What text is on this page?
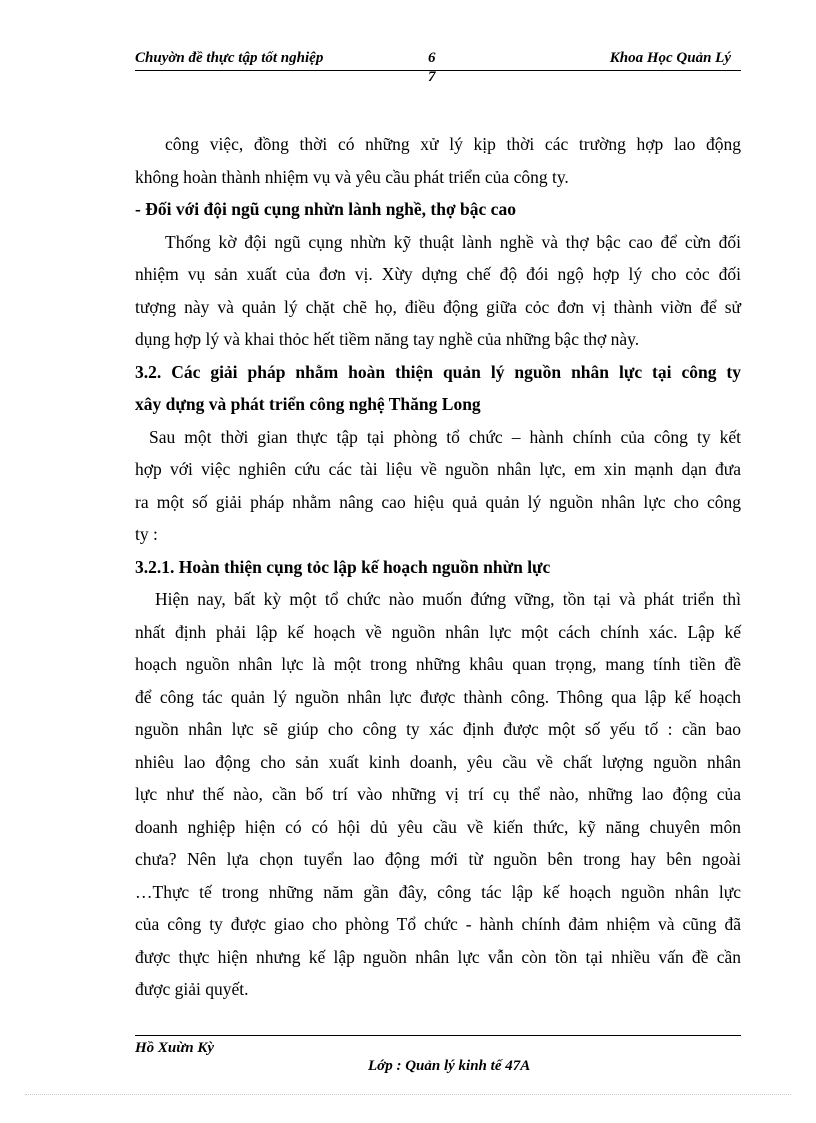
Chuyờn đề thực tập tốt nghiệp	6	Khoa Học Quản Lý
7
công việc, đồng thời có những xử lý kịp thời các trường hợp lao động
không hoàn thành nhiệm vụ và yêu cầu phát triển của công ty.
- Đối với đội ngũ cụng nhừn lành nghề, thợ bậc cao
Thống kờ đội ngũ cụng nhừn kỹ thuật lành nghề và thợ bậc cao để cừn đối
nhiệm vụ sản xuất của đơn vị. Xừy dựng chế độ đói ngộ hợp lý cho cỏc đối
tượng này và quản lý chặt chẽ họ, điều động giữa cỏc đơn vị thành viờn để sử
dụng hợp lý và khai thỏc hết tiềm năng tay nghề của những bậc thợ này.
3.2. Các giải pháp nhằm hoàn thiện quản lý nguồn nhân lực tại công ty
xây dựng và phát triển công nghệ Thăng Long
Sau một thời gian thực tập tại phòng tổ chức – hành chính của công ty kết
hợp với việc nghiên cứu các tài liệu về nguồn nhân lực, em xin mạnh dạn đưa
ra một số giải pháp nhằm nâng cao hiệu quả quản lý nguồn nhân lực cho công
ty :
3.2.1. Hoàn thiện cụng tỏc lập kế hoạch nguồn nhừn lực
Hiện nay, bất kỳ một tổ chức nào muốn đứng vững, tồn tại và phát triển thì
nhất định phải lập kế hoạch về nguồn nhân lực một cách chính xác. Lập kế
hoạch nguồn nhân lực là một trong những khâu quan trọng, mang tính tiền đề
để công tác quản lý nguồn nhân lực được thành công. Thông qua lập kế hoạch
nguồn nhân lực sẽ giúp cho công ty xác định được một số yếu tố : cần bao
nhiêu lao động cho sản xuất kinh doanh, yêu cầu về chất lượng nguồn nhân
lực như thế nào, cần bố trí vào những vị trí cụ thể nào, những lao động của
doanh nghiệp hiện có có hội dủ yêu cầu về kiến thức, kỹ năng chuyên môn
chưa? Nên lựa chọn tuyển lao động mới từ nguồn bên trong hay bên ngoài
…Thực tế trong những năm gần đây, công tác lập kế hoạch nguồn nhân lực
của công ty được giao cho phòng Tổ chức - hành chính đảm nhiệm và cũng đã
được thực hiện nhưng kế lập nguồn nhân lực vẫn còn tồn tại nhiều vấn đề cần
được giải quyết.
Hồ Xuừn Kỳ
Lớp : Quản lý kinh tế 47A
